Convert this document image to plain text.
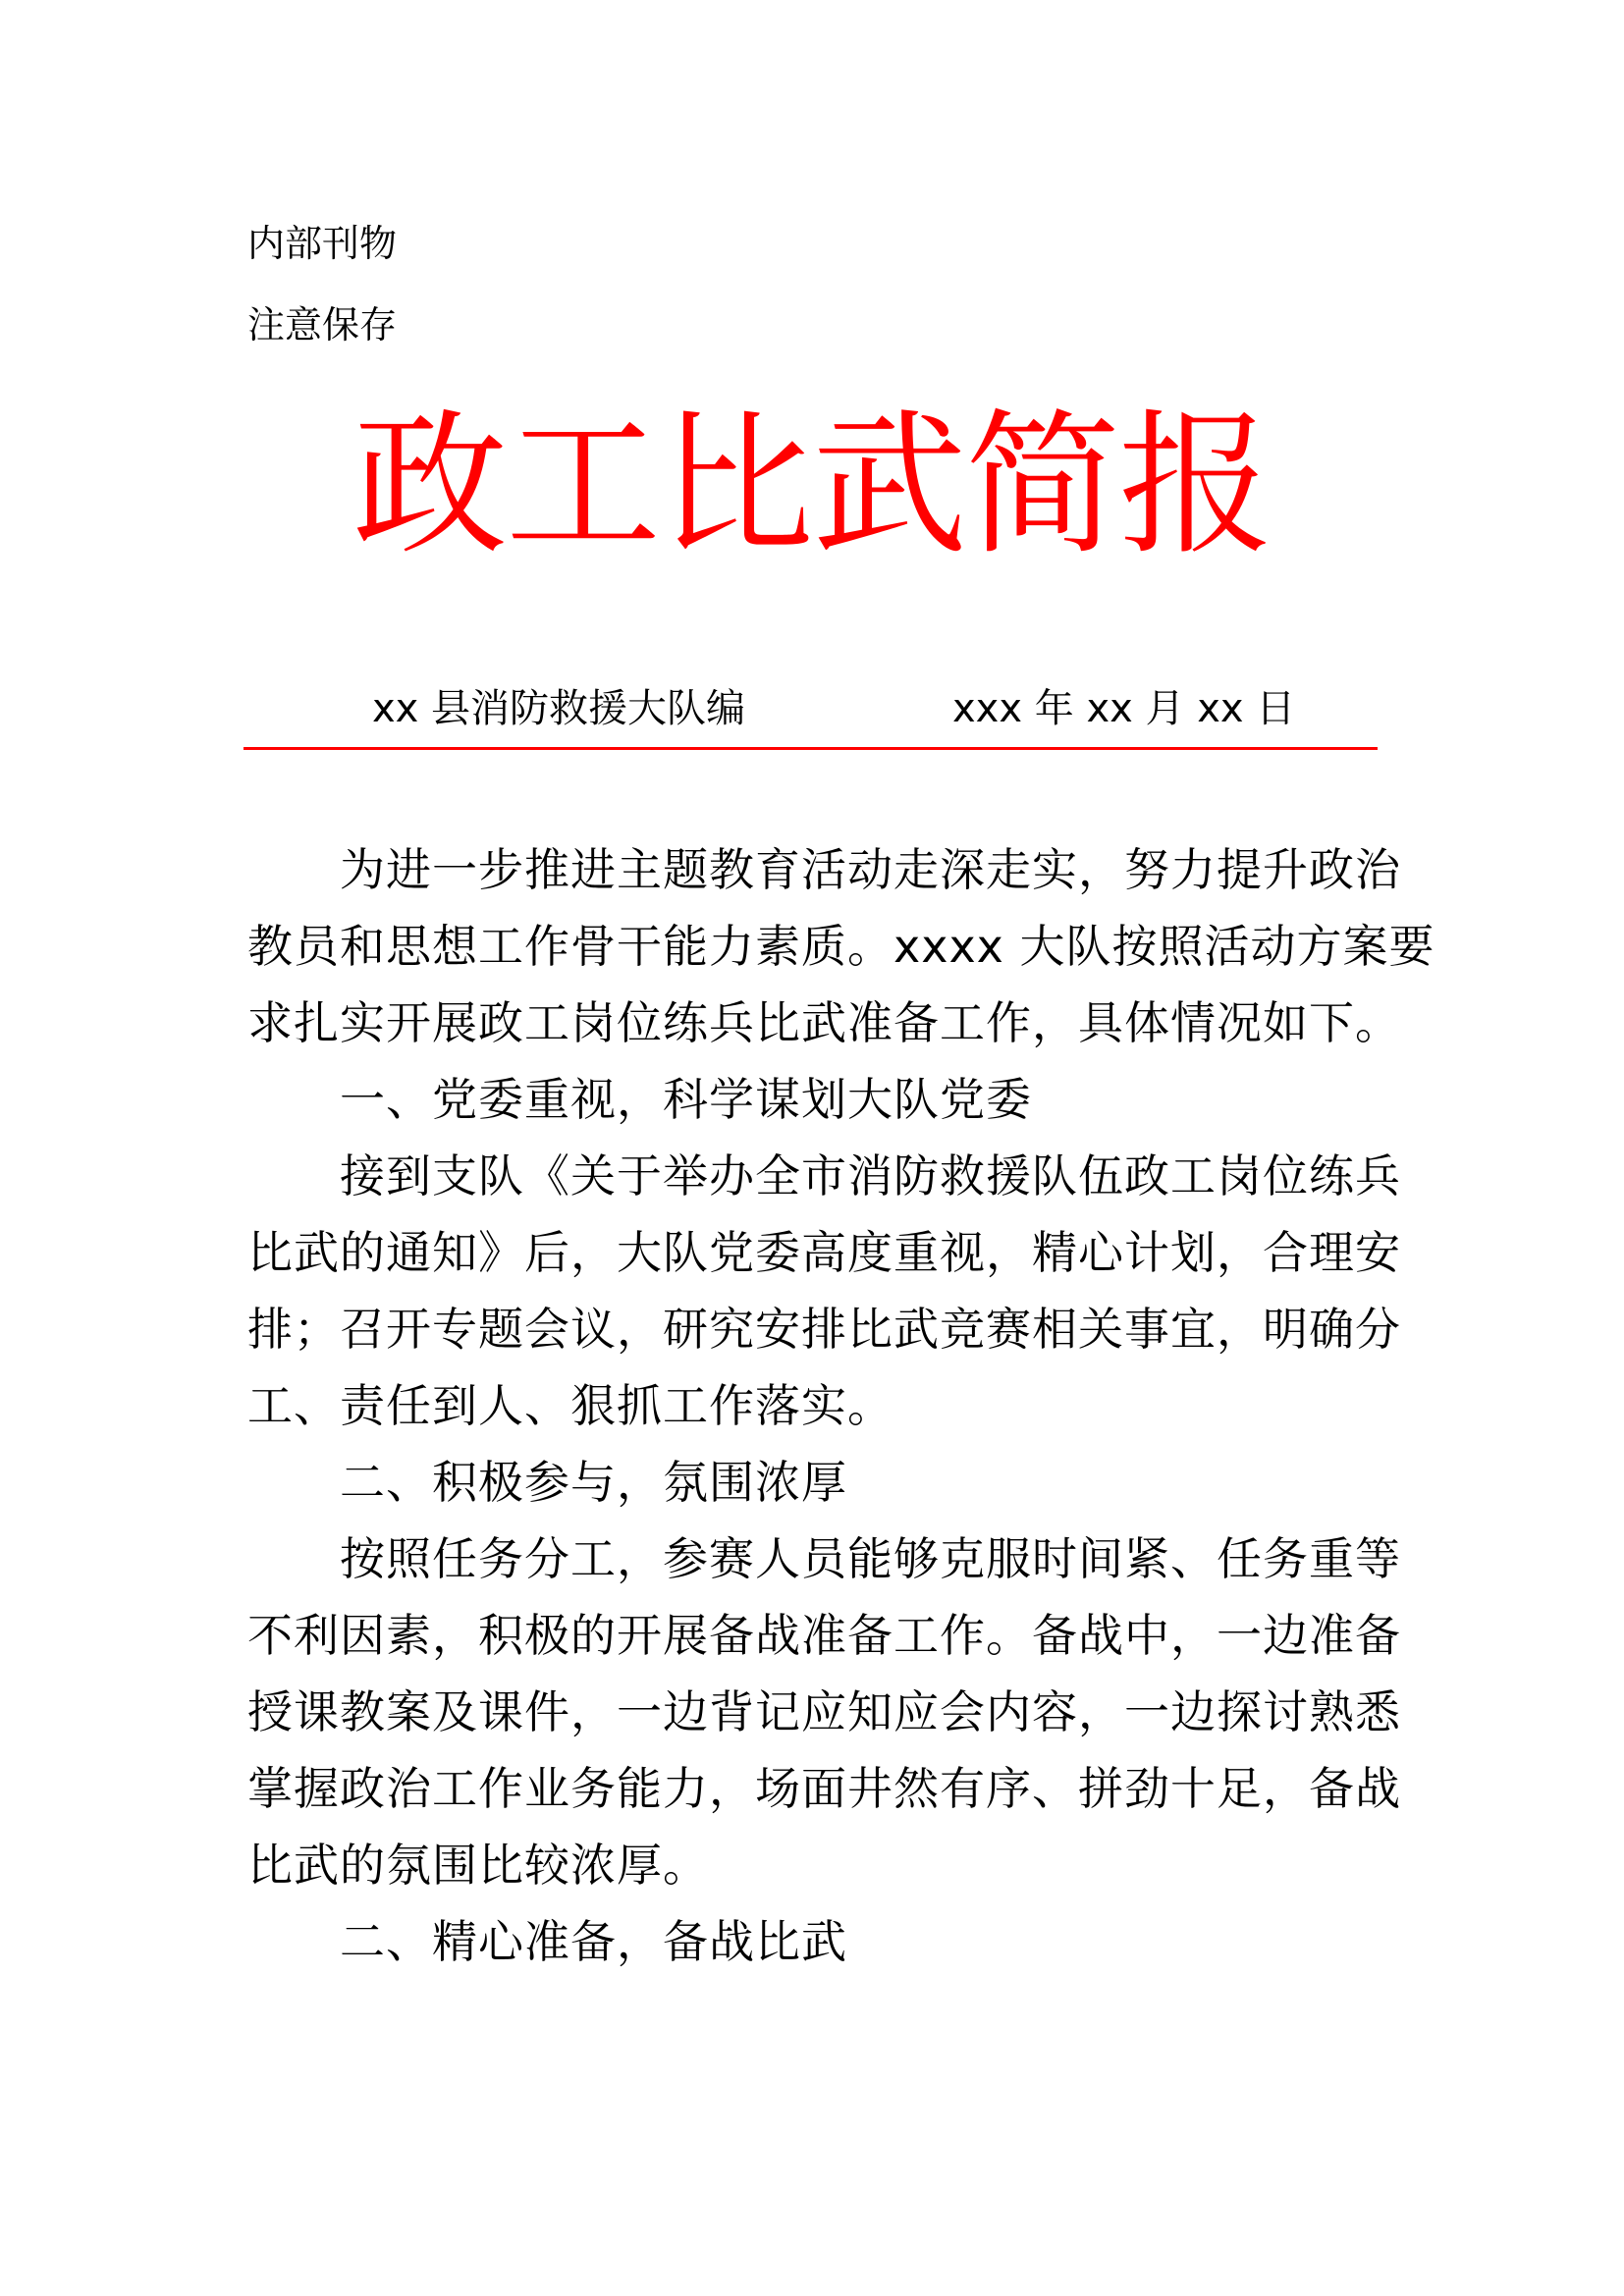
内部刊物
注意保存
政工比武简报
xx 县消防救援大队编	xxx 年 xx 月 xx 日
为进一步推进主题教育活动走深走实，努力提升政治
教员和思想工作骨干能力素质。xxxx 大队按照活动方案要
求扎实开展政工岗位练兵比武准备工作，具体情况如下。
一、党委重视，科学谋划大队党委
接到支队《关于举办全市消防救援队伍政工岗位练兵
比武的通知》后，大队党委高度重视，精心计划，合理安
排；召开专题会议，研究安排比武竞赛相关事宜，明确分
工、责任到人、狠抓工作落实。
二、积极参与，氛围浓厚
按照任务分工，参赛人员能够克服时间紧、任务重等
不利因素，积极的开展备战准备工作。备战中，一边准备
授课教案及课件，一边背记应知应会内容，一边探讨熟悉
掌握政治工作业务能力，场面井然有序、拼劲十足，备战
比武的氛围比较浓厚。
二、精心准备，备战比武
